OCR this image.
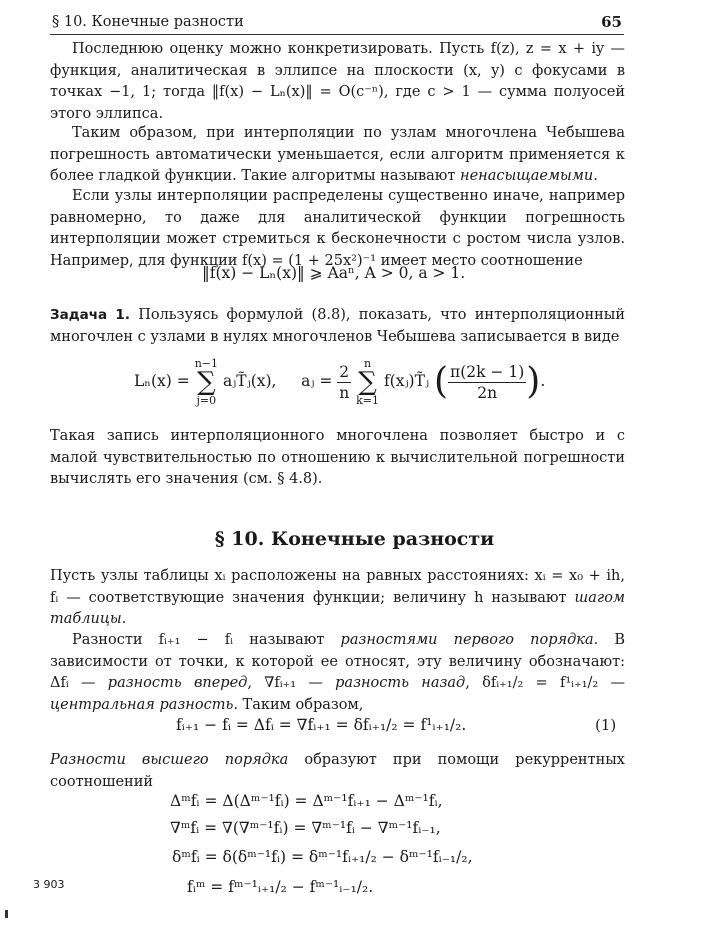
§ 10. Конечные разности	65

Последнюю оценку можно конкретизировать. Пусть f(z), z = x + iy — функция, аналитическая в эллипсе на плоскости (x, y) с фокусами в точках −1, 1; тогда ‖f(x) − Lₙ(x)‖ = O(c⁻ⁿ), где c > 1 — сумма полуосей этого эллипса.

Таким образом, при интерполяции по узлам многочлена Чебышева погрешность автоматически уменьшается, если алгоритм применяется к более гладкой функции. Такие алгоритмы называют ненасыщаемыми.

Если узлы интерполяции распределены существенно иначе, например равномерно, то даже для аналитической функции погрешность интерполяции может стремиться к бесконечности с ростом числа узлов. Например, для функции f(x) = (1 + 25x²)⁻¹ имеет место соотношение

‖f(x) − Lₙ(x)‖ ⩾ Aaⁿ, A > 0, a > 1.

Задача 1. Пользуясь формулой (8.8), показать, что интерполяционный многочлен с узлами в нулях многочленов Чебышева записывается в виде

Lₙ(x) =
n−1
∑
j=0
aⱼT̃ⱼ(x), aⱼ = $\frac{2}{n}$
	n
∑
k=1
f(xⱼ)T̃ⱼ ( $\frac{\pi(2k - 1)}{2n}$ ).

Такая запись интерполяционного многочлена позволяет быстро и с малой чувствительностью по отношению к вычислительной погрешности вычислять его значения (см. § 4.8).

§ 10. Конечные разности

Пусть узлы таблицы xᵢ расположены на равных расстояниях: xᵢ = x₀ + ih, fᵢ — соответствующие значения функции; величину h называют шагом таблицы.

Разности fᵢ₊₁ − fᵢ называют разностями первого порядка. В зависимости от точки, к которой ее относят, эту величину обозначают: Δfᵢ — разность вперед, ∇fᵢ₊₁ — разность назад, δfᵢ₊₁/₂ = f¹ᵢ₊₁/₂ — центральная разность. Таким образом,

fᵢ₊₁ − fᵢ = Δfᵢ = ∇fᵢ₊₁ = δfᵢ₊₁/₂ = f¹ᵢ₊₁/₂.	(1)

Разности высшего порядка образуют при помощи рекуррентных соотношений

Δᵐfᵢ = Δ(Δᵐ⁻¹fᵢ) = Δᵐ⁻¹fᵢ₊₁ − Δᵐ⁻¹fᵢ,
∇ᵐfᵢ = ∇(∇ᵐ⁻¹fᵢ) = ∇ᵐ⁻¹fᵢ − ∇ᵐ⁻¹fᵢ₋₁,
δᵐfᵢ = δ(δᵐ⁻¹fᵢ) = δᵐ⁻¹fᵢ₊₁/₂ − δᵐ⁻¹fᵢ₋₁/₂,
fᵢᵐ = fᵐ⁻¹ᵢ₊₁/₂ − fᵐ⁻¹ᵢ₋₁/₂.
3 903
